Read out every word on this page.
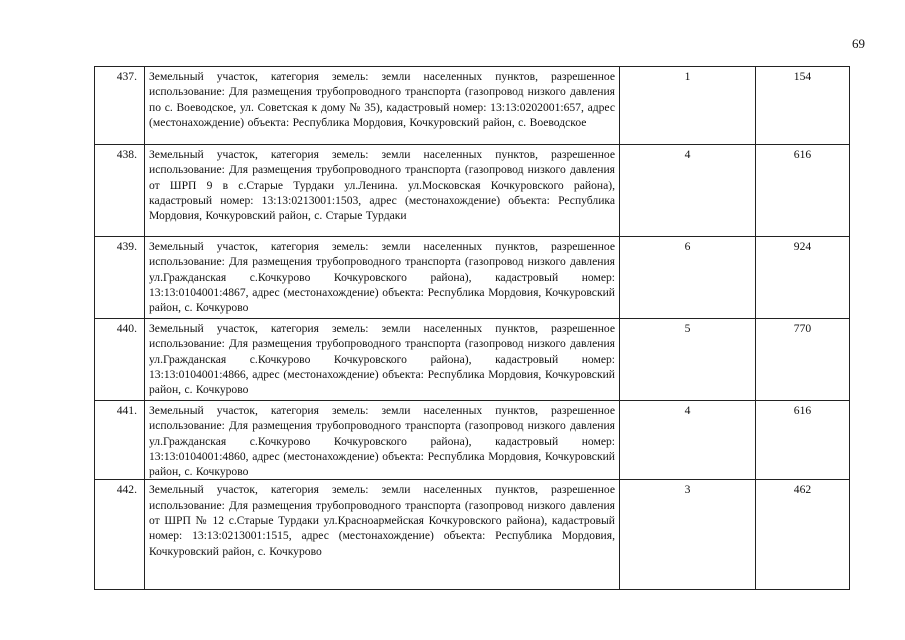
69
437.	Земельный участок, категория земель: земли населенных пунктов, разрешенное использование: Для размещения трубопроводного транспорта (газопровод низкого давления по с. Воеводское, ул. Советская к дому № 35), кадастровый номер: 13:13:0202001:657, адрес (местонахождение) объекта: Республика Мордовия, Кочкуровский район, с. Воеводское	1	154
438.	Земельный участок, категория земель: земли населенных пунктов, разрешенное использование: Для размещения трубопроводного транспорта (газопровод низкого давления от ШРП 9 в с.Старые Турдаки ул.Ленина. ул.Московская Кочкуровского района), кадастровый номер: 13:13:0213001:1503, адрес (местонахождение) объекта: Республика Мордовия, Кочкуровский район, с. Старые Турдаки	4	616
439.	Земельный участок, категория земель: земли населенных пунктов, разрешенное использование: Для размещения трубопроводного транспорта (газопровод низкого давления ул.Гражданская с.Кочкурово Кочкуровского района), кадастровый номер: 13:13:0104001:4867, адрес (местонахождение) объекта: Республика Мордовия, Кочкуровский район, с. Кочкурово	6	924
440.	Земельный участок, категория земель: земли населенных пунктов, разрешенное использование: Для размещения трубопроводного транспорта (газопровод низкого давления ул.Гражданская с.Кочкурово Кочкуровского района), кадастровый номер: 13:13:0104001:4866, адрес (местонахождение) объекта: Республика Мордовия, Кочкуровский район, с. Кочкурово	5	770
441.	Земельный участок, категория земель: земли населенных пунктов, разрешенное использование: Для размещения трубопроводного транспорта (газопровод низкого давления ул.Гражданская с.Кочкурово Кочкуровского района), кадастровый номер: 13:13:0104001:4860, адрес (местонахождение) объекта: Республика Мордовия, Кочкуровский район, с. Кочкурово	4	616
442.	Земельный участок, категория земель: земли населенных пунктов, разрешенное использование: Для размещения трубопроводного транспорта (газопровод низкого давления от ШРП № 12 с.Старые Турдаки ул.Красноармейская Кочкуровского района), кадастровый номер: 13:13:0213001:1515, адрес (местонахождение) объекта: Республика Мордовия, Кочкуровский район, с. Кочкурово	3	462
